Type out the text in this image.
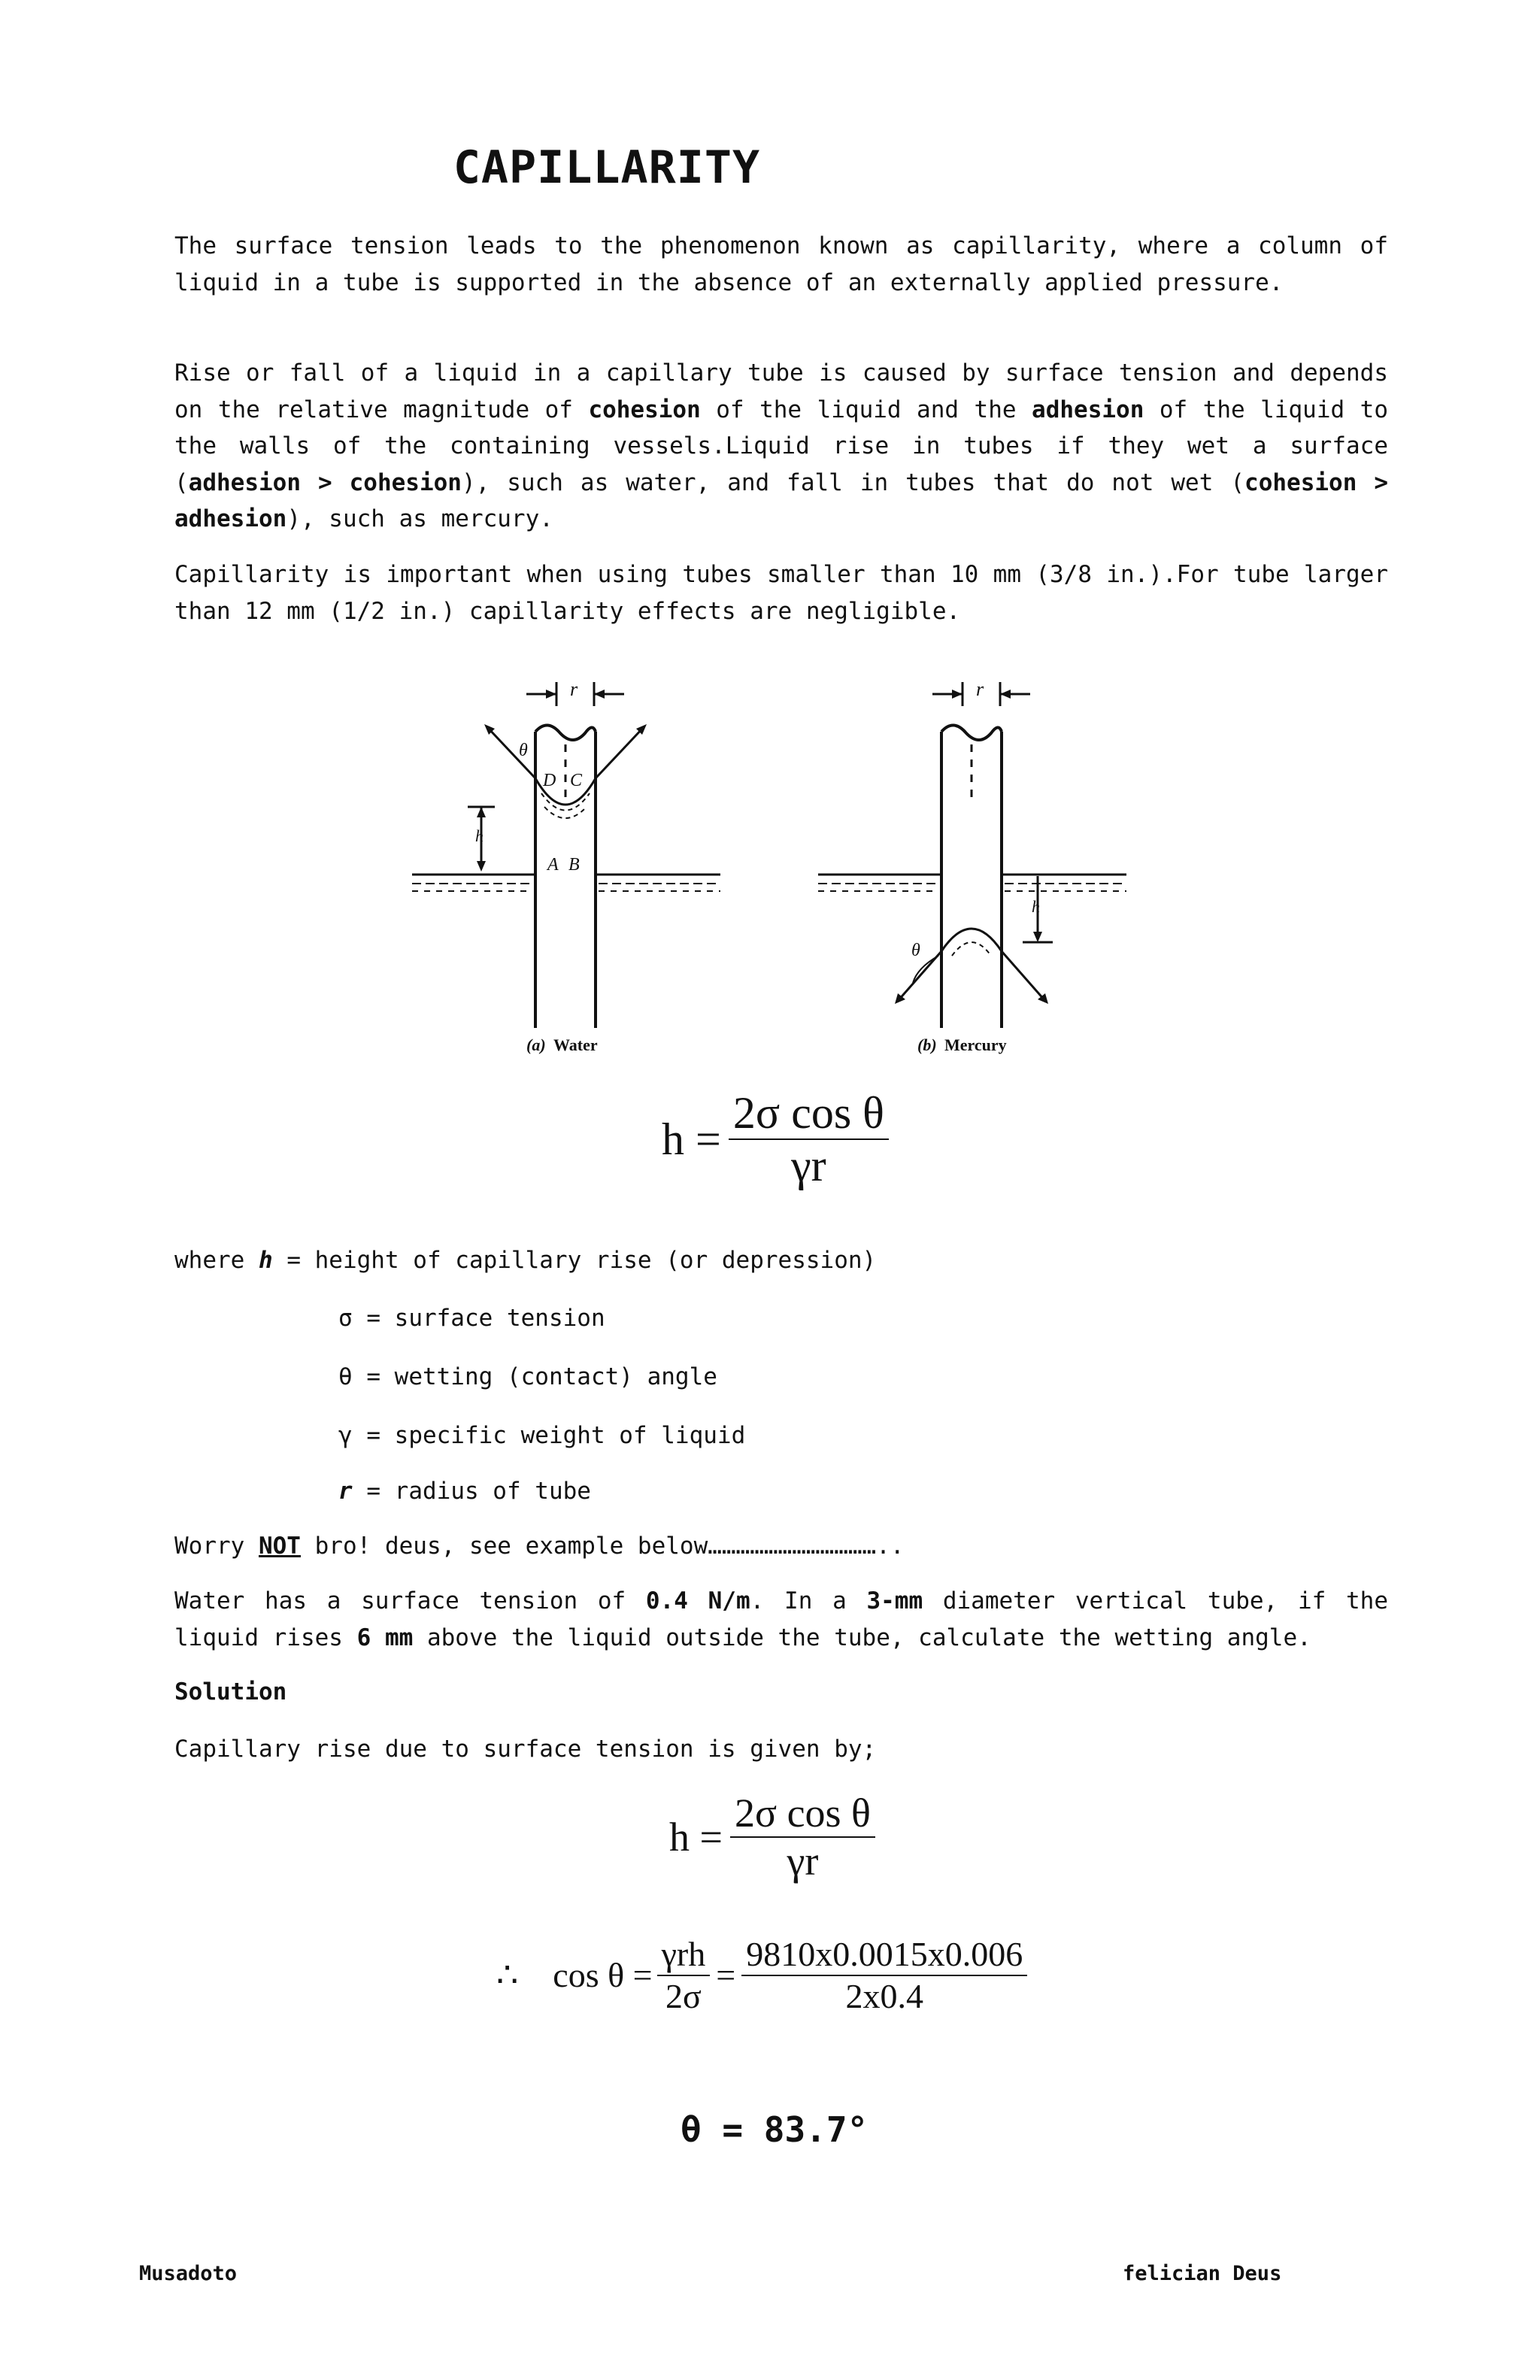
CAPILLARITY

The surface tension leads to the phenomenon known as capillarity, where a column of liquid in a tube is supported in the absence of an externally applied pressure.

Rise or fall of a liquid in a capillary tube is caused by surface tension and depends on the relative magnitude of cohesion of the liquid and the adhesion of the liquid to the walls of the containing vessels.Liquid rise in tubes if they wet a surface (adhesion > cohesion), such as water, and fall in tubes that do not wet (cohesion > adhesion), such as mercury.

Capillarity is important when using tubes smaller than 10 mm (3/8 in.).For tube larger than 12 mm (1/2 in.) capillarity effects are negligible.

r
θ
D C
A B
h
(a) Water
r
θ
h
(b) Mercury
$h = \frac{\text{2σ cos θ}}{\gamma r}$

where h = height of capillary rise (or depression)

σ = surface tension

θ = wetting (contact) angle

γ = specific weight of liquid

r = radius of tube

Worry NOT bro! deus, see example below………………………………..

Water has a surface tension of 0.4 N/m. In a 3-mm diameter vertical tube, if the liquid rises 6 mm above the liquid outside the tube, calculate the wetting angle.

Solution

Capillary rise due to surface tension is given by;

$h = \frac{\text{2σ cos θ}}{\gamma r}$
∴ $\cos \theta = \frac{\text{γrh}}{2\sigma} = \frac{9810x0.0015x0.006}{2x0.4}$

θ = 83.7°

Musadoto	felician Deus
